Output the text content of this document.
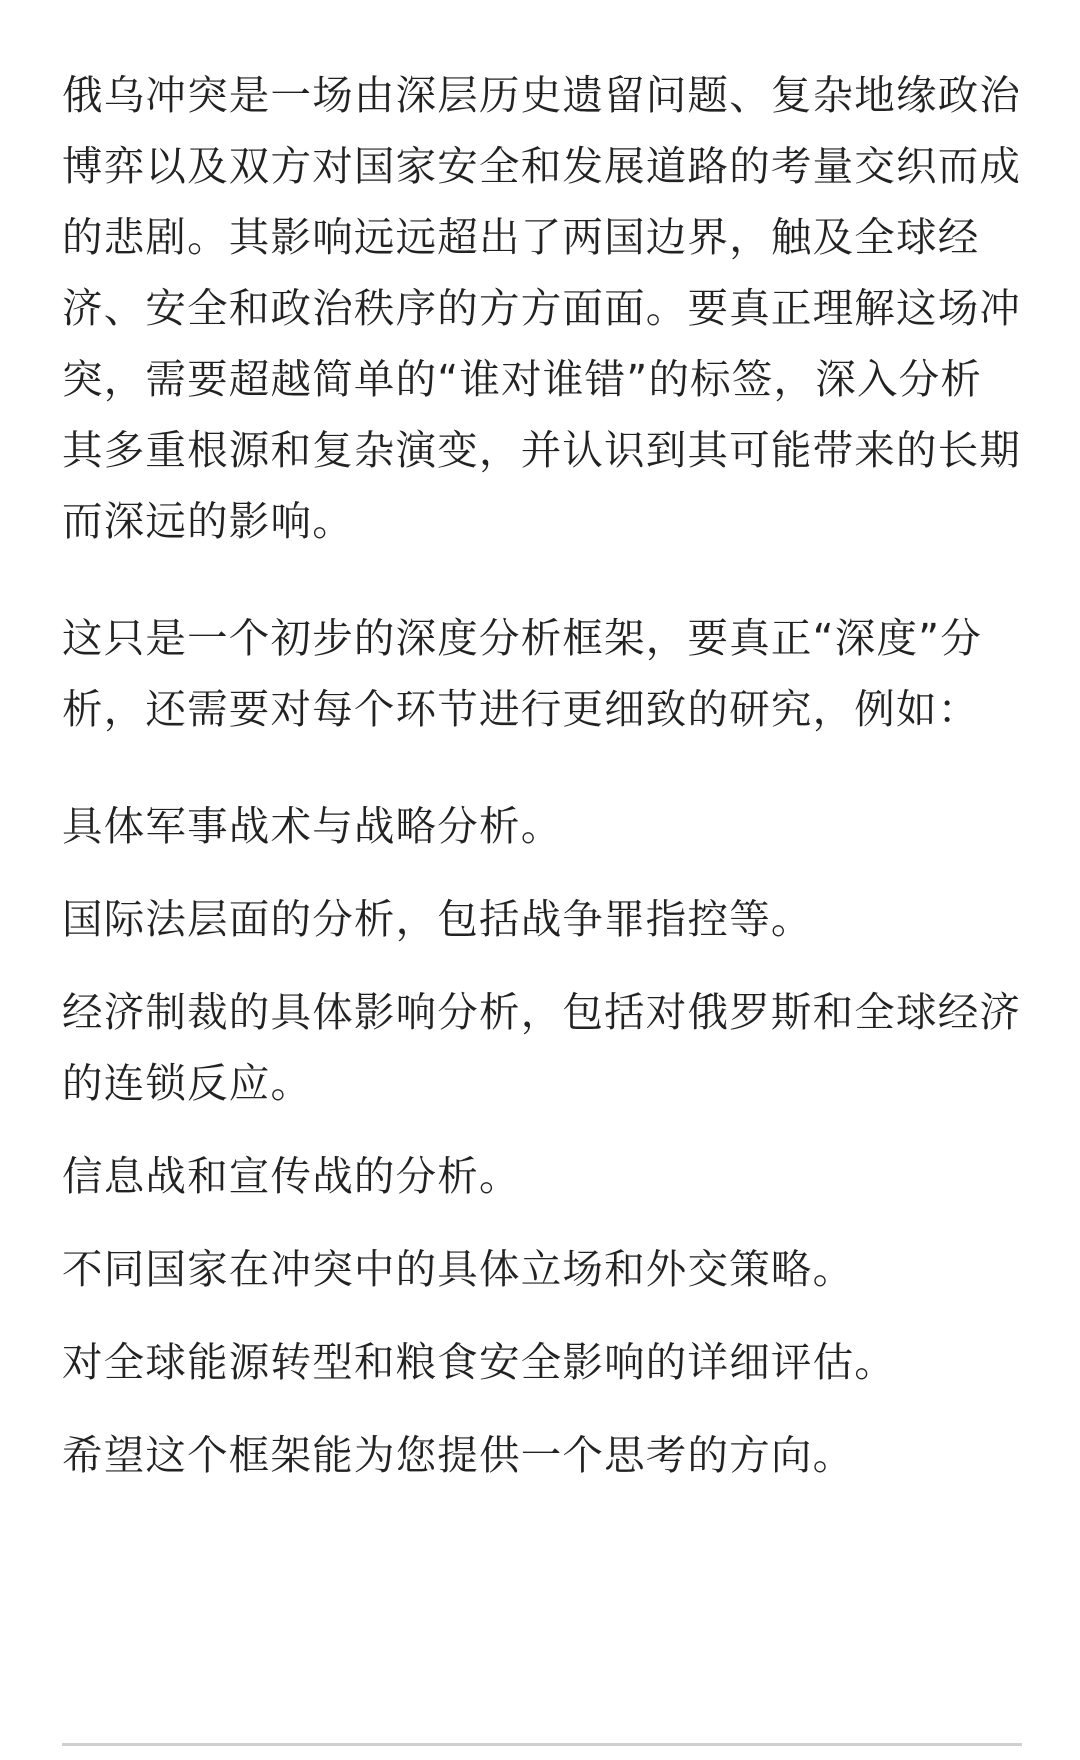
俄乌冲突是一场由深层历史遗留问题、复杂地缘政治博弈以及双方对国家安全和发展道路的考量交织而成的悲剧。其影响远远超出了两国边界，触及全球经济、安全和政治秩序的方方面面。要真正理解这场冲突，需要超越简单的“谁对谁错”的标签，深入分析其多重根源和复杂演变，并认识到其可能带来的长期而深远的影响。

这只是一个初步的深度分析框架，要真正“深度”分析，还需要对每个环节进行更细致的研究，例如：

具体军事战术与战略分析。

国际法层面的分析，包括战争罪指控等。

经济制裁的具体影响分析，包括对俄罗斯和全球经济的连锁反应。

信息战和宣传战的分析。

不同国家在冲突中的具体立场和外交策略。

对全球能源转型和粮食安全影响的详细评估。

希望这个框架能为您提供一个思考的方向。
